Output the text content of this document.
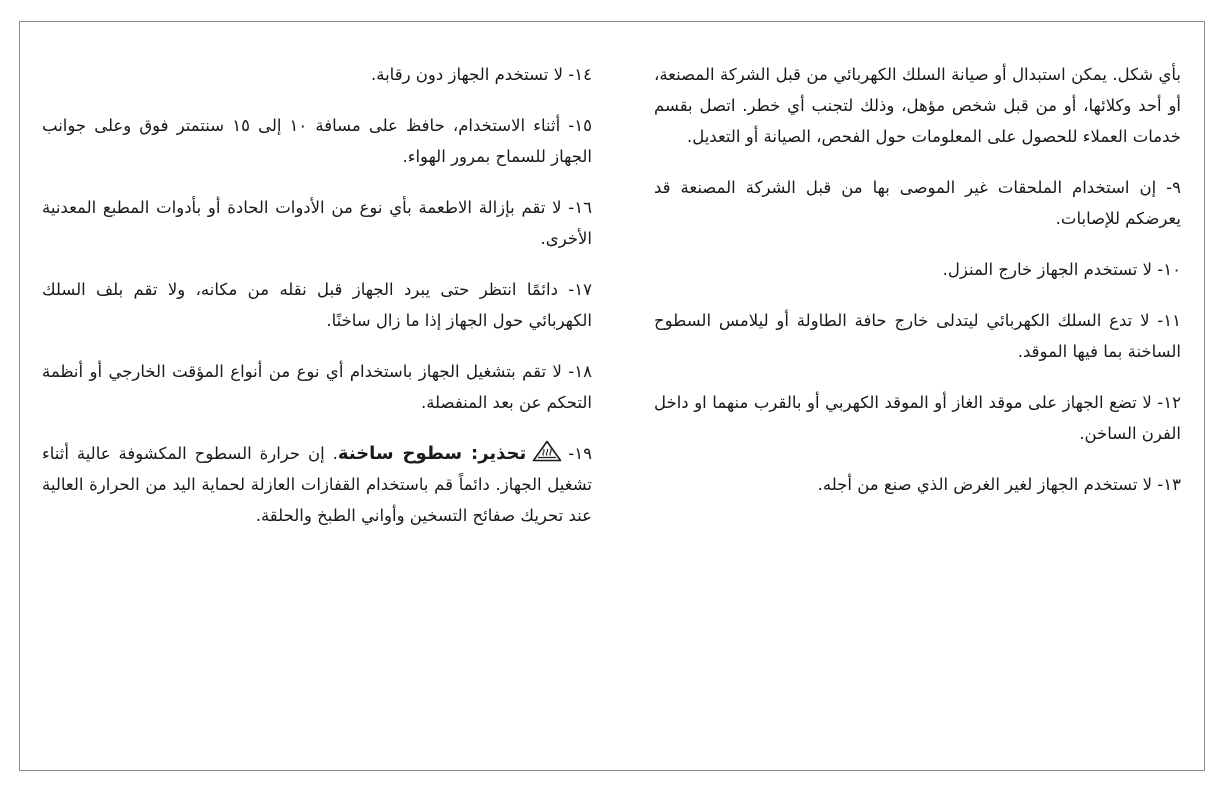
بأي شكل. يمكن استبدال أو صيانة السلك الكهربائي من قبل الشركة المصنعة، أو أحد وكلائها، أو من قبل شخص مؤهل، وذلك لتجنب أي خطر. اتصل بقسم خدمات العملاء للحصول على المعلومات حول الفحص، الصيانة أو التعديل.

٩- إن استخدام الملحقات غير الموصى بها من قبل الشركة المصنعة قد يعرضكم للإصابات.

١٠- لا تستخدم الجهاز خارج المنزل.

١١- لا تدع السلك الكهربائي ليتدلى خارج حافة الطاولة أو ليلامس السطوح الساخنة بما فيها الموقد.

١٢- لا تضع الجهاز على موقد الغاز أو الموقد الكهربي أو بالقرب منهما او داخل الفرن الساخن.

١٣- لا تستخدم الجهاز لغير الغرض الذي صنع من أجله.

١٤- لا تستخدم الجهاز دون رقابة.

١٥- أثناء الاستخدام، حافظ على مسافة ١٠ إلى ١٥ سنتمتر فوق وعلى جوانب الجهاز للسماح بمرور الهواء.

١٦- لا تقم بإزالة الاطعمة بأي نوع من الأدوات الحادة أو بأدوات المطبع المعدنية الأخرى.

١٧- دائمًا انتظر حتى يبرد الجهاز قبل نقله من مكانه، ولا تقم بلف السلك الكهربائي حول الجهاز إذا ما زال ساخنًا.

١٨- لا تقم بتشغيل الجهاز باستخدام أي نوع من أنواع المؤقت الخارجي أو أنظمة التحكم عن بعد المنفصلة.

١٩-تحذير: سطوح ساخنة. إن حرارة السطوح المكشوفة عالية أثناء تشغيل الجهاز. دائماً قم باستخدام القفازات العازلة لحماية اليد من الحرارة العالية عند تحريك صفائح التسخين وأواني الطبخ والحلقة.
